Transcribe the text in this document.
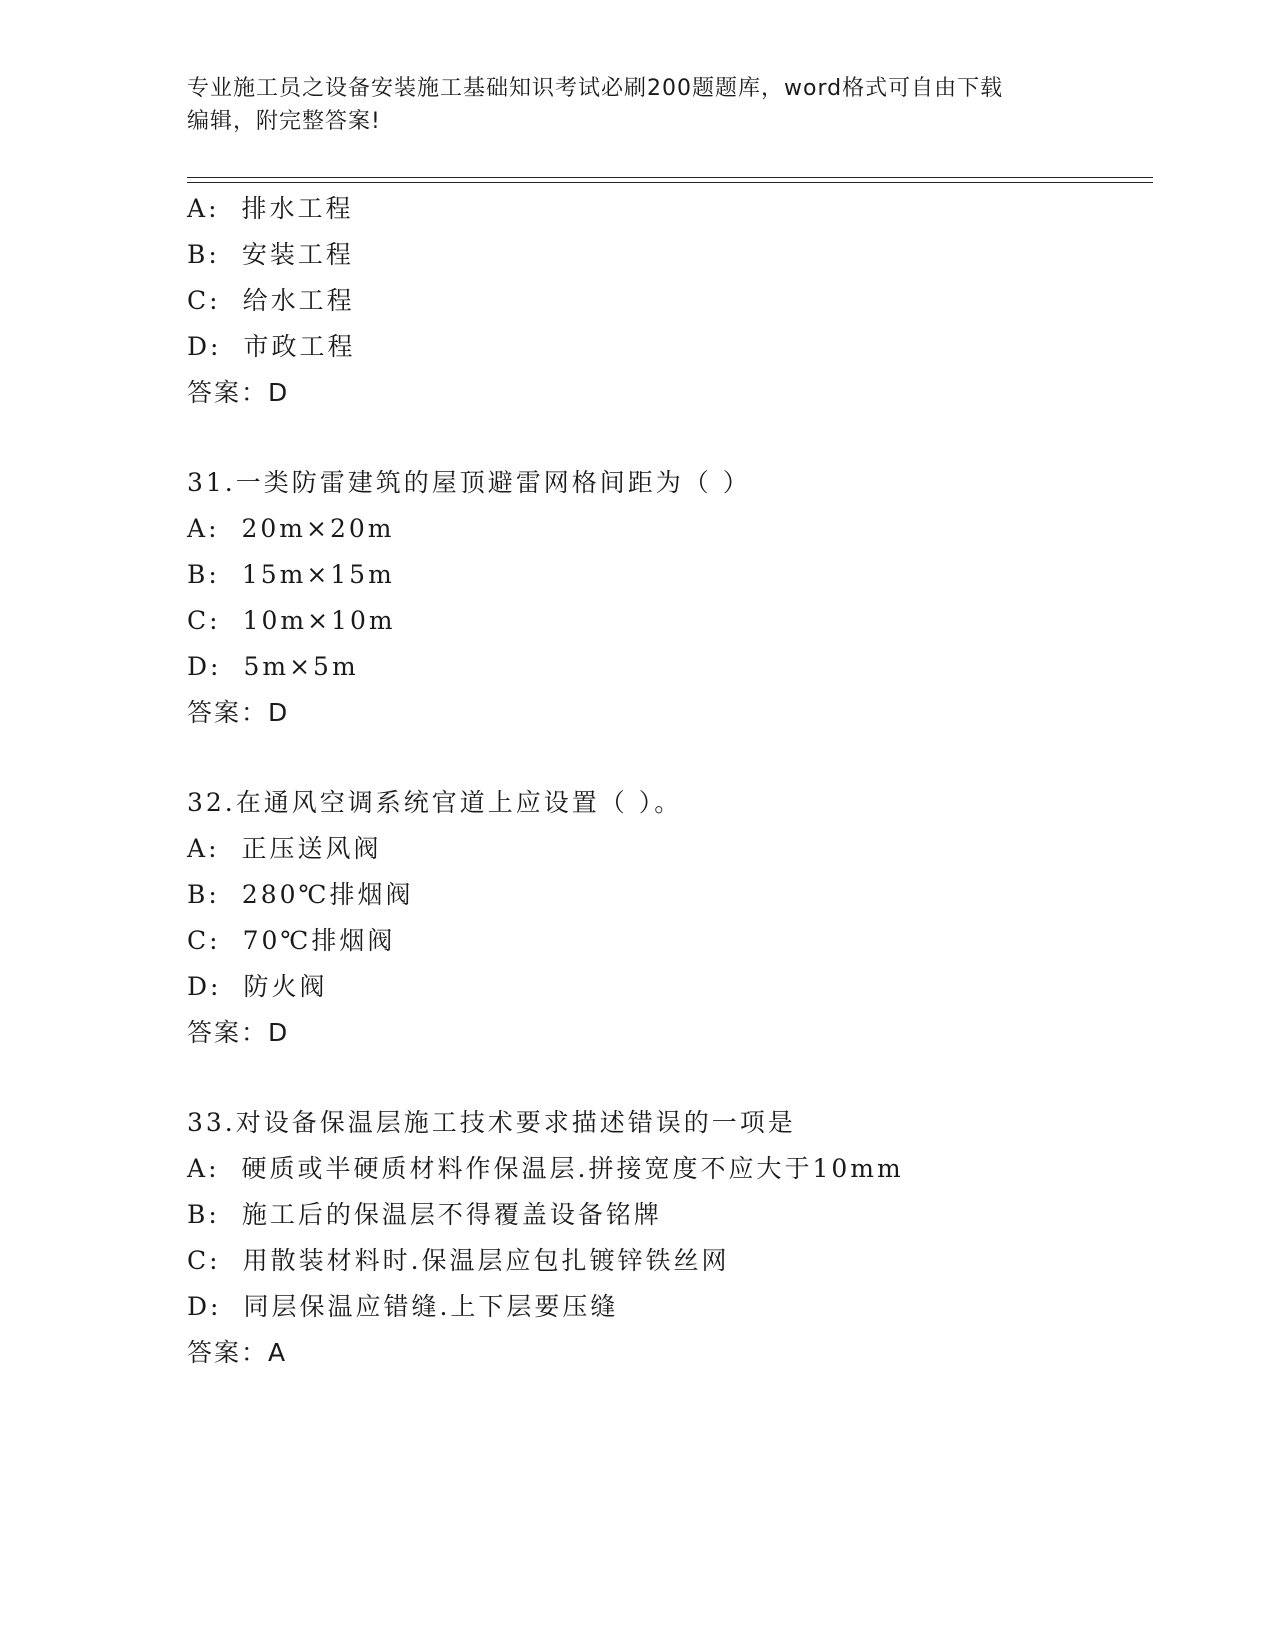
专业施工员之设备安装施工基础知识考试必刷200题题库，word格式可自由下载
编辑，附完整答案!
A: 排水工程
B: 安装工程
C: 给水工程
D: 市政工程
答案：D
31.一类防雷建筑的屋顶避雷网格间距为（ ）
A: 20m×20m
B: 15m×15m
C: 10m×10m
D: 5m×5m
答案：D
32.在通风空调系统官道上应设置（ ）。
A: 正压送风阀
B: 280℃排烟阀
C: 70℃排烟阀
D: 防火阀
答案：D
33.对设备保温层施工技术要求描述错误的一项是
A: 硬质或半硬质材料作保温层.拼接宽度不应大于10mm
B: 施工后的保温层不得覆盖设备铭牌
C: 用散装材料时.保温层应包扎镀锌铁丝网
D: 同层保温应错缝.上下层要压缝
答案：A
